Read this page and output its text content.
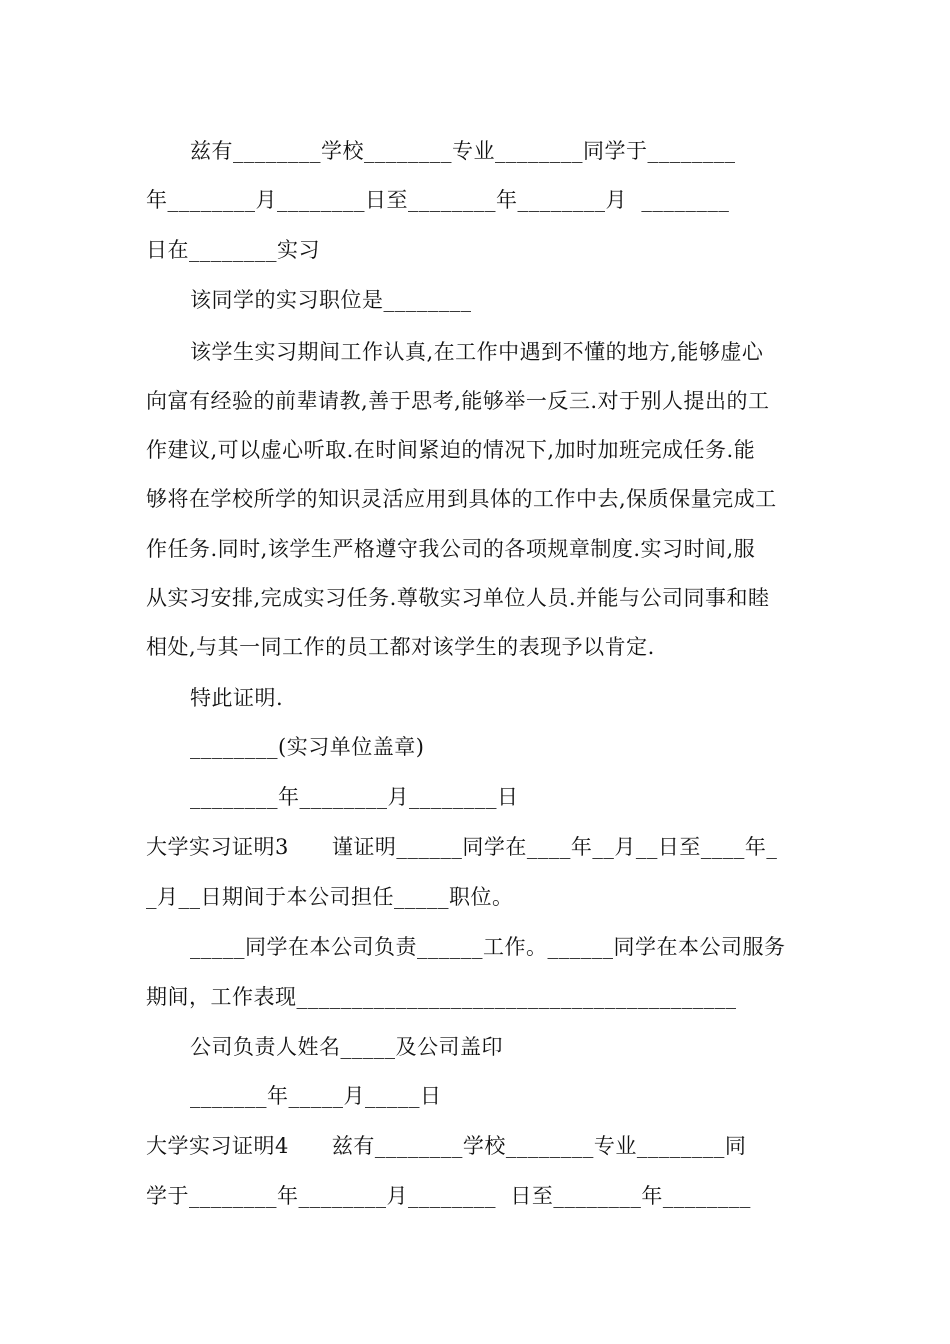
兹有________学校________专业________同学于________
年________月________日至________年________月  ________
日在________实习
该同学的实习职位是________
该学生实习期间工作认真,在工作中遇到不懂的地方,能够虚心
向富有经验的前辈请教,善于思考,能够举一反三.对于别人提出的工
作建议,可以虚心听取.在时间紧迫的情况下,加时加班完成任务.能
够将在学校所学的知识灵活应用到具体的工作中去,保质保量完成工
作任务.同时,该学生严格遵守我公司的各项规章制度.实习时间,服
从实习安排,完成实习任务.尊敬实习单位人员.并能与公司同事和睦
相处,与其一同工作的员工都对该学生的表现予以肯定.
特此证明.
________(实习单位盖章)
________年________月________日
大学实习证明3　　谨证明______同学在____年__月__日至____年_
_月__日期间于本公司担任_____职位。
_____同学在本公司负责______工作。______同学在本公司服务
期间，工作表现________________________________________
公司负责人姓名_____及公司盖印
_______年_____月_____日
大学实习证明4　　兹有________学校________专业________同
学于________年________月________  日至________年________
